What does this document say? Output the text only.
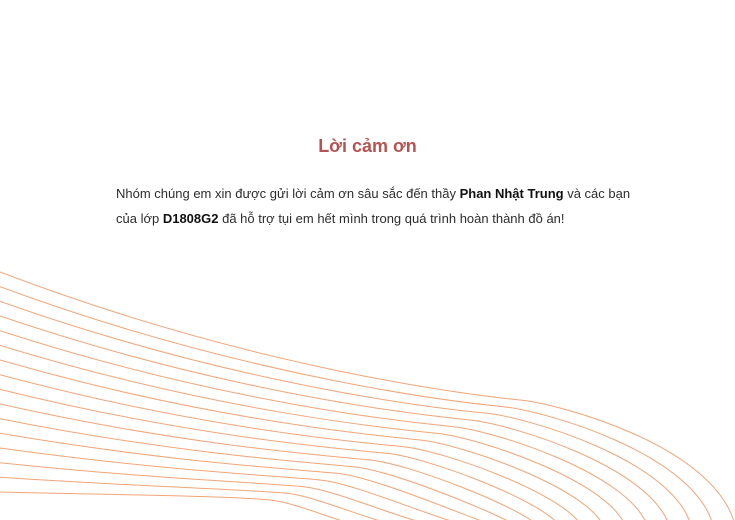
Lời cảm ơn

Nhóm chúng em xin được gửi lời cảm ơn sâu sắc đến thầy Phan Nhật Trung và các bạn của lớp D1808G2 đã hỗ trợ tụi em hết mình trong quá trình hoàn thành đồ án!
